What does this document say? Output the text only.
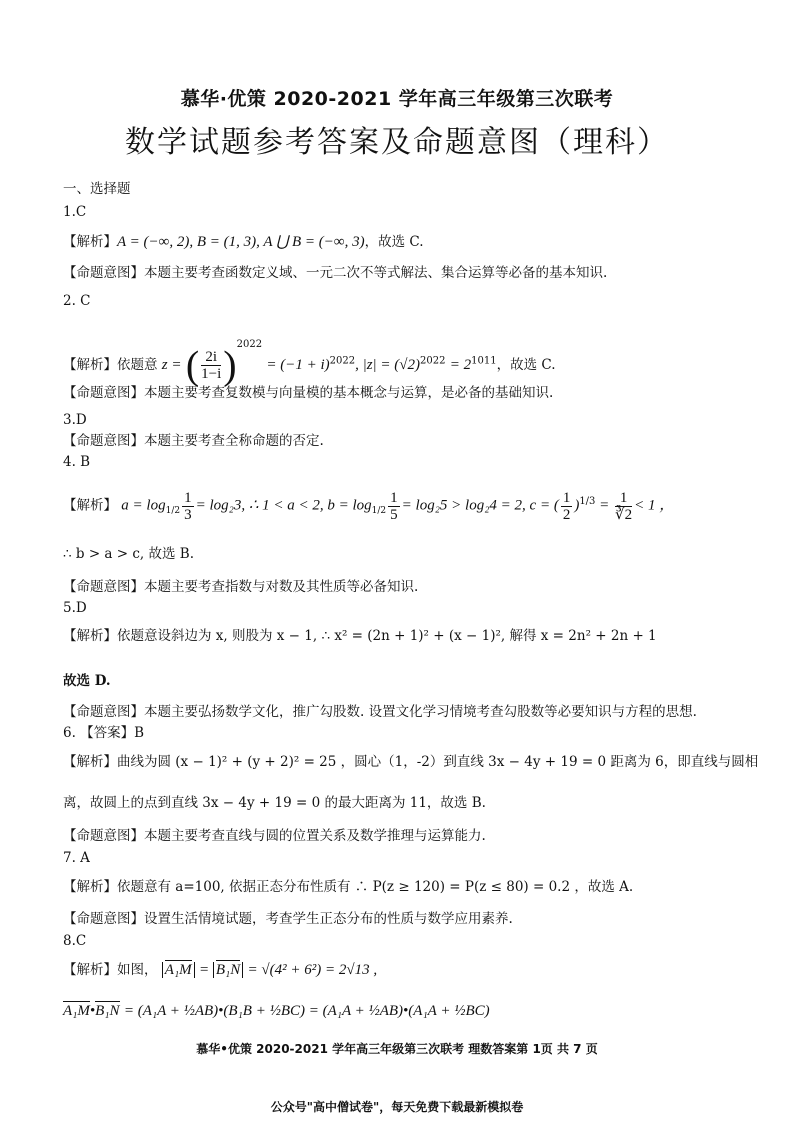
慕华·优策 2020-2021 学年高三年级第三次联考
数学试题参考答案及命题意图（理科）
一、选择题
1.C
【解析】A = (−∞, 2), B = (1, 3), A ⋃ B = (−∞, 3)，故选 C.
【命题意图】本题主要考查函数定义域、一元二次不等式解法、集合运算等必备的基本知识.
2. C
【解析】依题意 z = ( $\frac{2i}{1-i} )^{2022} = (-1 + i)^{2022}$, $|z| = (√2)^{2022} = 2^{1011}$，故选 C.
【命题意图】本题主要考查复数模与向量模的基本概念与运算，是必备的基础知识.
3.D
【命题意图】本题主要考查全称命题的否定.
4. B
【解析】 $a = \log_{1/2} \frac{1}{3} = \log_23$, ∴ 1 < a < 2, $b = \log_{1/2} \frac{1}{5} = \log_25 > \log_24 = 2$, c = ( $\frac{1}{2} )^{1/3} = \frac{1}{∛2} < 1$ ，
∴ b > a > c, 故选 B.
【命题意图】本题主要考查指数与对数及其性质等必备知识.
5.D
【解析】依题意设斜边为 x, 则股为 x − 1, ∴ x² = (2n + 1)² + (x − 1)², 解得 x = 2n² + 2n + 1
故选 D.
【命题意图】本题主要弘扬数学文化，推广勾股数. 设置文化学习情境考查勾股数等必要知识与方程的思想.
6. 【答案】B
【解析】曲线为圆 (x − 1)² + (y + 2)² = 25 ，圆心（1，-2）到直线 3x − 4y + 19 = 0 距离为 6，即直线与圆相
离，故圆上的点到直线 3x − 4y + 19 = 0 的最大距离为 11，故选 B.
【命题意图】本题主要考查直线与圆的位置关系及数学推理与运算能力.
7. A
【解析】依题意有 a=100, 依据正态分布性质有 ∴ P(z ≥ 120) = P(z ≤ 80) = 0.2 ，故选 A.
【命题意图】设置生活情境试题，考查学生正态分布的性质与数学应用素养.
8.C
【解析】如图， A₁M = B₁N = √(4² + 6²) = 2√13 ,
A₁M•B₁N = (A₁A + ½AB)•(B₁B + ½BC) = (A₁A + ½AB)•(A₁A + ½BC)
慕华•优策 2020-2021 学年高三年级第三次联考 理数答案第 1页 共 7 页
公众号"高中僧试卷"，每天免费下载最新模拟卷
